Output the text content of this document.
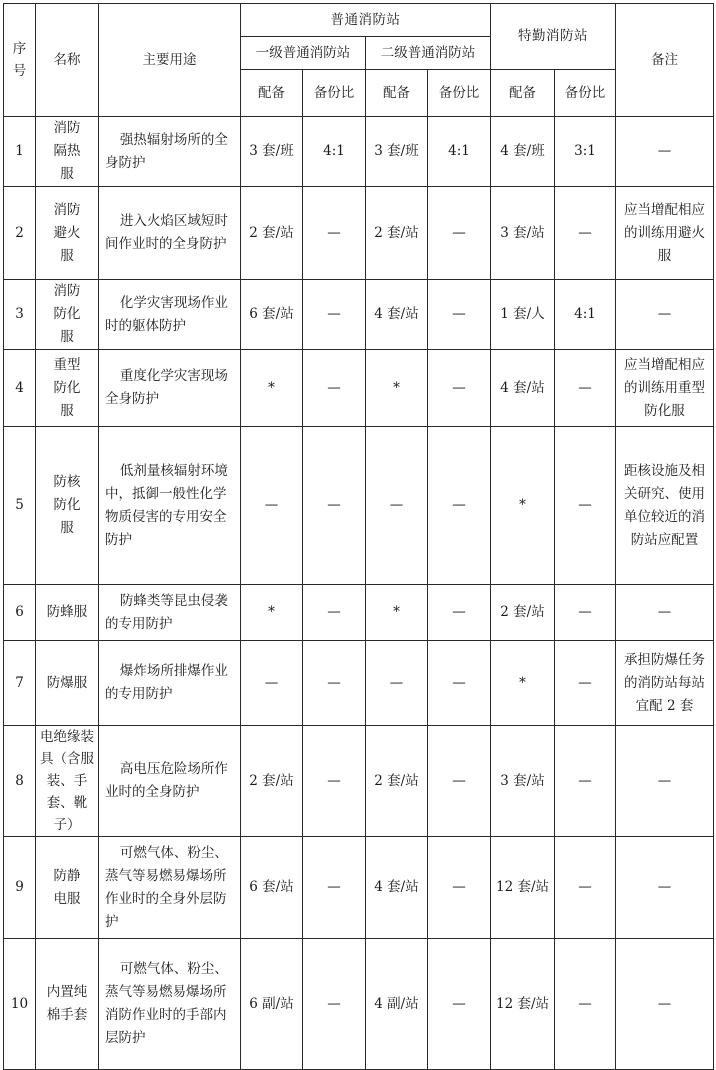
序号	名称	主要用途	普通消防站				特勤消防站		备注
			一级普通消防站		二级普通消防站				
			配备	备份比	配备	备份比	配备	备份比	
1	消防隔热服	强热辐射场所的全身防护	3 套/班	4:1	3 套/班	4:1	4 套/班	3:1	—
2	消防避火服	进入火焰区域短时间作业时的全身防护	2 套/站	—	2 套/站	—	3 套/站	—	应当增配相应的训练用避火服
3	消防防化服	化学灾害现场作业时的躯体防护	6 套/站	—	4 套/站	—	1 套/人	4:1	—
4	重型防化服	重度化学灾害现场全身防护	*	—	*	—	4 套/站	—	应当增配相应的训练用重型防化服
5	防核防化服	低剂量核辐射环境中，抵御一般性化学物质侵害的专用安全防护	—	—	—	—	*	—	距核设施及相关研究、使用单位较近的消防站应配置
6	防蜂服	防蜂类等昆虫侵袭的专用防护	*	—	*	—	2 套/站	—	—
7	防爆服	爆炸场所排爆作业的专用防护	—	—	—	—	*	—	承担防爆任务的消防站每站宜配 2 套
8	电绝缘装具（含服装、手套、靴子）	高电压危险场所作业时的全身防护	2 套/站	—	2 套/站	—	3 套/站	—	—
9	防静电服	可燃气体、粉尘、蒸气等易燃易爆场所作业时的全身外层防护	6 套/站	—	4 套/站	—	12 套/站	—	—
10	内置纯棉手套	可燃气体、粉尘、蒸气等易燃易爆场所消防作业时的手部内层防护	6 副/站	—	4 副/站	—	12 套/站	—	—
